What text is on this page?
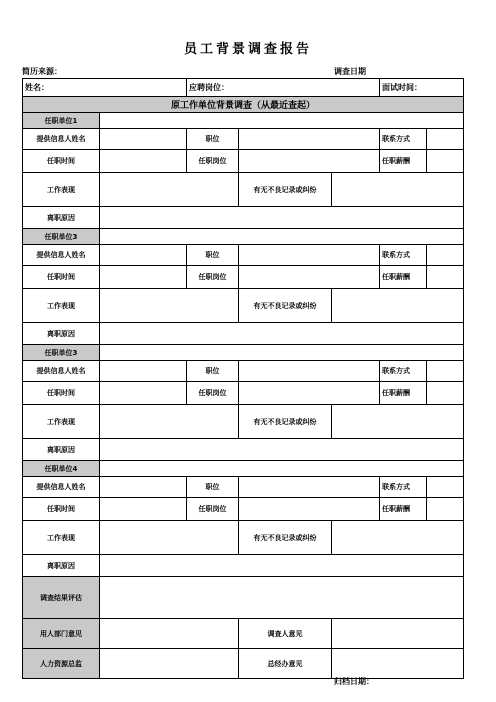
员工背景调查报告
简历来源：	调查日期
姓名：	应聘岗位：	面试时间：
原工作单位背景调查（从最近查起）
任职单位1	
提供信息人姓名		职位			联系方式	

任职时间		任职岗位			任职薪酬	

工作表现		有无不良记录或纠纷	
离职原因	
任职单位3	
提供信息人姓名		职位			联系方式	

任职时间		任职岗位			任职薪酬	

工作表现		有无不良记录或纠纷	
离职原因	
任职单位3	
提供信息人姓名		职位			联系方式	

任职时间		任职岗位			任职薪酬	

工作表现		有无不良记录或纠纷	
离职原因	
任职单位4	
提供信息人姓名		职位			联系方式	

任职时间		任职岗位			任职薪酬	

工作表现		有无不良记录或纠纷	
离职原因	
调查结果评估	
用人部门意见		调查人意见	
人力资源总监		总经办意见	
归档日期：
